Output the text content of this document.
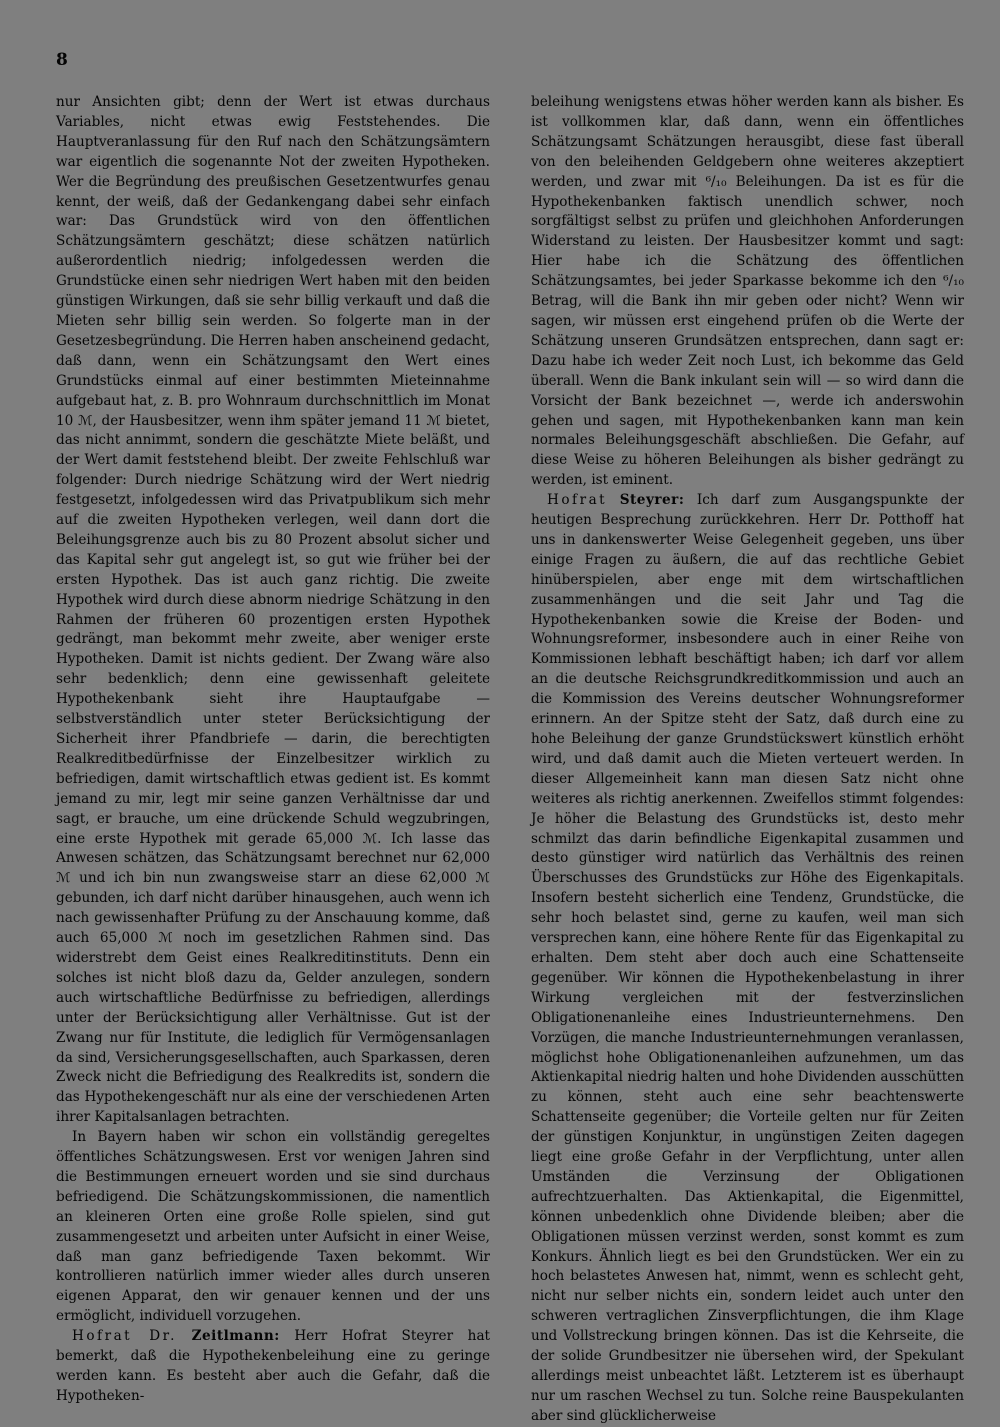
8

nur Ansichten gibt; denn der Wert ist etwas durchaus Variables, nicht etwas ewig Feststehendes. Die Hauptveranlassung für den Ruf nach den Schätzungsämtern war eigentlich die sogenannte Not der zweiten Hypotheken. Wer die Begründung des preußischen Gesetzentwurfes genau kennt, der weiß, daß der Gedankengang dabei sehr einfach war: Das Grundstück wird von den öffentlichen Schätzungsämtern geschätzt; diese schätzen natürlich außerordentlich niedrig; infolgedessen werden die Grundstücke einen sehr niedrigen Wert haben mit den beiden günstigen Wirkungen, daß sie sehr billig verkauft und daß die Mieten sehr billig sein werden. So folgerte man in der Gesetzesbegründung. Die Herren haben anscheinend gedacht, daß dann, wenn ein Schätzungsamt den Wert eines Grundstücks einmal auf einer bestimmten Mieteinnahme aufgebaut hat, z. B. pro Wohnraum durchschnittlich im Monat 10 ℳ, der Hausbesitzer, wenn ihm später jemand 11 ℳ bietet, das nicht annimmt, sondern die geschätzte Miete beläßt, und der Wert damit feststehend bleibt. Der zweite Fehlschluß war folgender: Durch niedrige Schätzung wird der Wert niedrig festgesetzt, infolgedessen wird das Privatpublikum sich mehr auf die zweiten Hypotheken verlegen, weil dann dort die Beleihungsgrenze auch bis zu 80 Prozent absolut sicher und das Kapital sehr gut angelegt ist, so gut wie früher bei der ersten Hypothek. Das ist auch ganz richtig. Die zweite Hypothek wird durch diese abnorm niedrige Schätzung in den Rahmen der früheren 60 prozentigen ersten Hypothek gedrängt, man bekommt mehr zweite, aber weniger erste Hypotheken. Damit ist nichts gedient. Der Zwang wäre also sehr bedenklich; denn eine gewissenhaft geleitete Hypothekenbank sieht ihre Hauptaufgabe — selbstverständlich unter steter Berücksichtigung der Sicherheit ihrer Pfandbriefe — darin, die berechtigten Realkreditbedürfnisse der Einzelbesitzer wirklich zu befriedigen, damit wirtschaftlich etwas gedient ist. Es kommt jemand zu mir, legt mir seine ganzen Verhältnisse dar und sagt, er brauche, um eine drückende Schuld wegzubringen, eine erste Hypothek mit gerade 65,000 ℳ. Ich lasse das Anwesen schätzen, das Schätzungsamt berechnet nur 62,000 ℳ und ich bin nun zwangsweise starr an diese 62,000 ℳ gebunden, ich darf nicht darüber hinausgehen, auch wenn ich nach gewissenhafter Prüfung zu der Anschauung komme, daß auch 65,000 ℳ noch im gesetzlichen Rahmen sind. Das widerstrebt dem Geist eines Realkreditinstituts. Denn ein solches ist nicht bloß dazu da, Gelder anzulegen, sondern auch wirtschaftliche Bedürfnisse zu befriedigen, allerdings unter der Berücksichtigung aller Verhältnisse. Gut ist der Zwang nur für Institute, die lediglich für Vermögensanlagen da sind, Versicherungsgesellschaften, auch Sparkassen, deren Zweck nicht die Befriedigung des Realkredits ist, sondern die das Hypothekengeschäft nur als eine der verschiedenen Arten ihrer Kapitalsanlagen betrachten.

In Bayern haben wir schon ein vollständig geregeltes öffentliches Schätzungswesen. Erst vor wenigen Jahren sind die Bestimmungen erneuert worden und sie sind durchaus befriedigend. Die Schätzungskommissionen, die namentlich an kleineren Orten eine große Rolle spielen, sind gut zusammengesetzt und arbeiten unter Aufsicht in einer Weise, daß man ganz befriedigende Taxen bekommt. Wir kontrollieren natürlich immer wieder alles durch unseren eigenen Apparat, den wir genauer kennen und der uns ermöglicht, individuell vorzugehen.

Hofrat Dr. Zeitlmann: Herr Hofrat Steyrer hat bemerkt, daß die Hypothekenbeleihung eine zu geringe werden kann. Es besteht aber auch die Gefahr, daß die Hypotheken-

beleihung wenigstens etwas höher werden kann als bisher. Es ist vollkommen klar, daß dann, wenn ein öffentliches Schätzungsamt Schätzungen herausgibt, diese fast überall von den beleihenden Geldgebern ohne weiteres akzeptiert werden, und zwar mit ⁶/₁₀ Beleihungen. Da ist es für die Hypothekenbanken faktisch unendlich schwer, noch sorgfältigst selbst zu prüfen und gleichhohen Anforderungen Widerstand zu leisten. Der Hausbesitzer kommt und sagt: Hier habe ich die Schätzung des öffentlichen Schätzungsamtes, bei jeder Sparkasse bekomme ich den ⁶/₁₀ Betrag, will die Bank ihn mir geben oder nicht? Wenn wir sagen, wir müssen erst eingehend prüfen ob die Werte der Schätzung unseren Grundsätzen entsprechen, dann sagt er: Dazu habe ich weder Zeit noch Lust, ich bekomme das Geld überall. Wenn die Bank inkulant sein will — so wird dann die Vorsicht der Bank bezeichnet —, werde ich anderswohin gehen und sagen, mit Hypothekenbanken kann man kein normales Beleihungsgeschäft abschließen. Die Gefahr, auf diese Weise zu höheren Beleihungen als bisher gedrängt zu werden, ist eminent.

Hofrat Steyrer: Ich darf zum Ausgangspunkte der heutigen Besprechung zurückkehren. Herr Dr. Potthoff hat uns in dankenswerter Weise Gelegenheit gegeben, uns über einige Fragen zu äußern, die auf das rechtliche Gebiet hinüberspielen, aber enge mit dem wirtschaftlichen zusammenhängen und die seit Jahr und Tag die Hypothekenbanken sowie die Kreise der Boden- und Wohnungsreformer, insbesondere auch in einer Reihe von Kommissionen lebhaft beschäftigt haben; ich darf vor allem an die deutsche Reichsgrundkreditkommission und auch an die Kommission des Vereins deutscher Wohnungsreformer erinnern. An der Spitze steht der Satz, daß durch eine zu hohe Beleihung der ganze Grundstückswert künstlich erhöht wird, und daß damit auch die Mieten verteuert werden. In dieser Allgemeinheit kann man diesen Satz nicht ohne weiteres als richtig anerkennen. Zweifellos stimmt folgendes: Je höher die Belastung des Grundstücks ist, desto mehr schmilzt das darin befindliche Eigenkapital zusammen und desto günstiger wird natürlich das Verhältnis des reinen Überschusses des Grundstücks zur Höhe des Eigenkapitals. Insofern besteht sicherlich eine Tendenz, Grundstücke, die sehr hoch belastet sind, gerne zu kaufen, weil man sich versprechen kann, eine höhere Rente für das Eigenkapital zu erhalten. Dem steht aber doch auch eine Schattenseite gegenüber. Wir können die Hypothekenbelastung in ihrer Wirkung vergleichen mit der festverzinslichen Obligationenanleihe eines Industrieunternehmens. Den Vorzügen, die manche Industrieunternehmungen veranlassen, möglichst hohe Obligationenanleihen aufzunehmen, um das Aktienkapital niedrig halten und hohe Dividenden ausschütten zu können, steht auch eine sehr beachtenswerte Schattenseite gegenüber; die Vorteile gelten nur für Zeiten der günstigen Konjunktur, in ungünstigen Zeiten dagegen liegt eine große Gefahr in der Verpflichtung, unter allen Umständen die Verzinsung der Obligationen aufrechtzuerhalten. Das Aktienkapital, die Eigenmittel, können unbedenklich ohne Dividende bleiben; aber die Obligationen müssen verzinst werden, sonst kommt es zum Konkurs. Ähnlich liegt es bei den Grundstücken. Wer ein zu hoch belastetes Anwesen hat, nimmt, wenn es schlecht geht, nicht nur selber nichts ein, sondern leidet auch unter den schweren vertraglichen Zinsverpflichtungen, die ihm Klage und Vollstreckung bringen können. Das ist die Kehrseite, die der solide Grundbesitzer nie übersehen wird, der Spekulant allerdings meist unbeachtet läßt. Letzterem ist es überhaupt nur um raschen Wechsel zu tun. Solche reine Bauspekulanten aber sind glücklicherweise
